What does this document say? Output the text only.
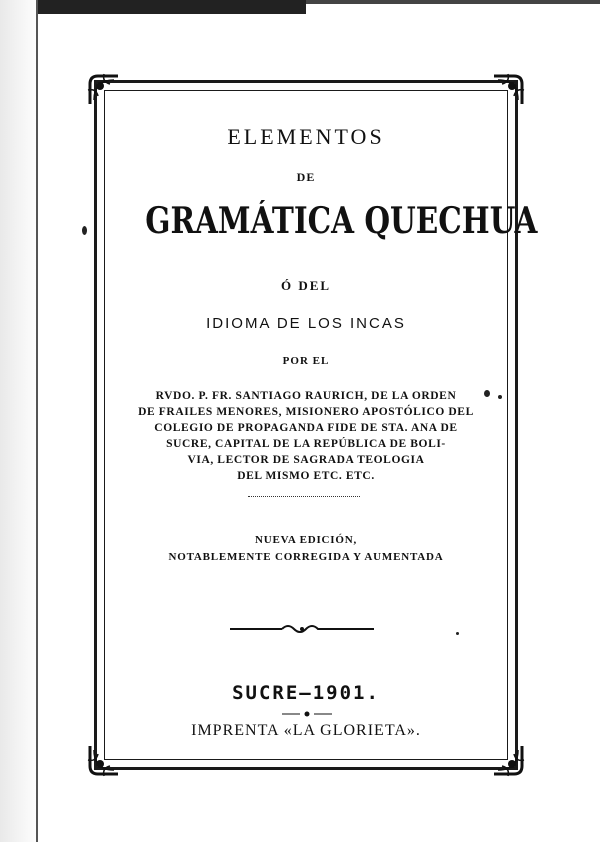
ELEMENTOS
DE
GRAMÁTICA QUECHUA
Ó DEL
IDIOMA DE LOS INCAS
POR EL
RVDO. P. FR. SANTIAGO RAURICH, DE LA ORDEN
DE FRAILES MENORES, MISIONERO APOSTÓLICO DEL
COLEGIO DE PROPAGANDA FIDE DE STA. ANA DE
SUCRE, CAPITAL DE LA REPÚBLICA DE BOLI-
VIA, LECTOR DE SAGRADA TEOLOGIA
DEL MISMO ETC. ETC.
NUEVA EDICIÓN,
NOTABLEMENTE CORREGIDA Y AUMENTADA
SUCRE—1901.
IMPRENTA «LA GLORIETA».
